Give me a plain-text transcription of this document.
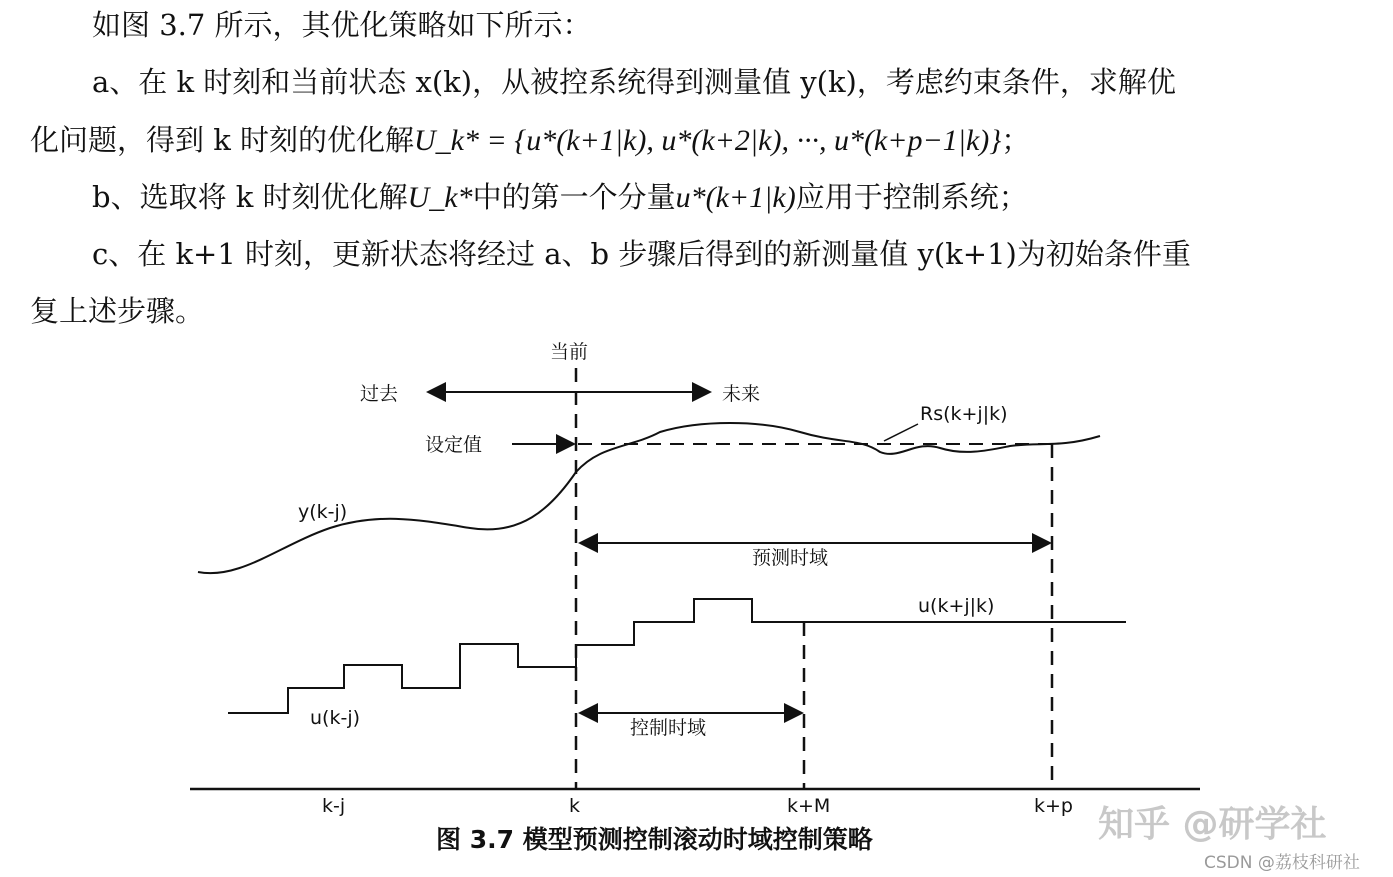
如图 3.7 所示，其优化策略如下所示：
a、在 k 时刻和当前状态 x(k)，从被控系统得到测量值 y(k)，考虑约束条件，求解优
化问题，得到 k 时刻的优化解U_k* = {u*(k+1|k), u*(k+2|k), ···, u*(k+p−1|k)}；
b、选取将 k 时刻优化解U_k*中的第一个分量u*(k+1|k)应用于控制系统；
c、在 k+1 时刻，更新状态将经过 a、b 步骤后得到的新测量值 y(k+1)为初始条件重
复上述步骤。
当前
过去	未来
设定值
Rs(k+j|k)
y(k-j)
预测时域
u(k+j|k)
u(k-j)	控制时域
k-j	k	k+M	k+p
图 3.7 模型预测控制滚动时域控制策略	知乎 @研学社
CSDN @荔枝科研社
